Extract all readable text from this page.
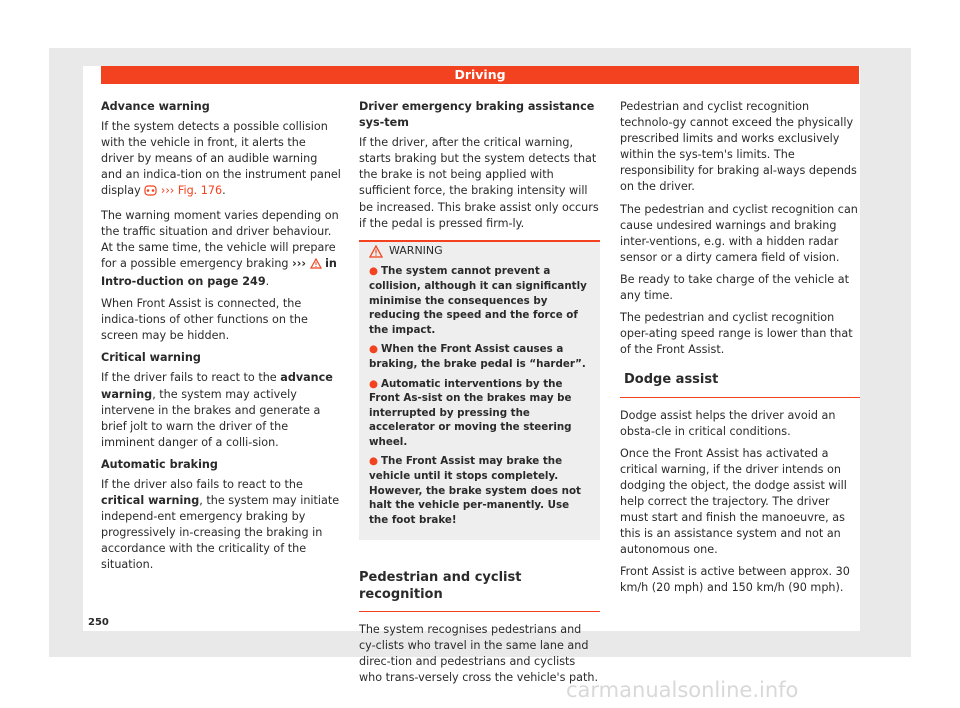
Driving
Advance warning

If the system detects a possible collision with the vehicle in front, it alerts the driver by means of an audible warning and an indica-tion on the instrument panel display ››› Fig. 176.

The warning moment varies depending on the traffic situation and driver behaviour. At the same time, the vehicle will prepare for a possible emergency braking ››› in Intro-duction on page 249.

When Front Assist is connected, the indica-tions of other functions on the screen may be hidden.

Critical warning

If the driver fails to react to the advance warning, the system may actively intervene in the brakes and generate a brief jolt to warn the driver of the imminent danger of a colli-sion.

Automatic braking

If the driver also fails to react to the critical warning, the system may initiate independ-ent emergency braking by progressively in-creasing the braking in accordance with the criticality of the situation.

Driver emergency braking assistance sys-tem

If the driver, after the critical warning, starts braking but the system detects that the brake is not being applied with sufficient force, the braking intensity will be increased. This brake assist only occurs if the pedal is pressed firm-ly.

WARNING
● The system cannot prevent a collision, although it can significantly minimise the consequences by reducing the speed and the force of the impact.
● When the Front Assist causes a braking, the brake pedal is “harder”.
● Automatic interventions by the Front As-sist on the brakes may be interrupted by pressing the accelerator or moving the steering wheel.
● The Front Assist may brake the vehicle until it stops completely. However, the brake system does not halt the vehicle per-manently. Use the foot brake!
Pedestrian and cyclist recognition

The system recognises pedestrians and cy-clists who travel in the same lane and direc-tion and pedestrians and cyclists who trans-versely cross the vehicle's path.

Pedestrian and cyclist recognition technolo-gy cannot exceed the physically prescribed limits and works exclusively within the sys-tem's limits. The responsibility for braking al-ways depends on the driver.

The pedestrian and cyclist recognition can cause undesired warnings and braking inter-ventions, e.g. with a hidden radar sensor or a dirty camera field of vision.

Be ready to take charge of the vehicle at any time.

The pedestrian and cyclist recognition oper-ating speed range is lower than that of the Front Assist.

Dodge assist

Dodge assist helps the driver avoid an obsta-cle in critical conditions.

Once the Front Assist has activated a critical warning, if the driver intends on dodging the object, the dodge assist will help correct the trajectory. The driver must start and finish the manoeuvre, as this is an assistance system and not an autonomous one.

Front Assist is active between approx. 30 km/h (20 mph) and 150 km/h (90 mph).

250
carmanualsonline.info
